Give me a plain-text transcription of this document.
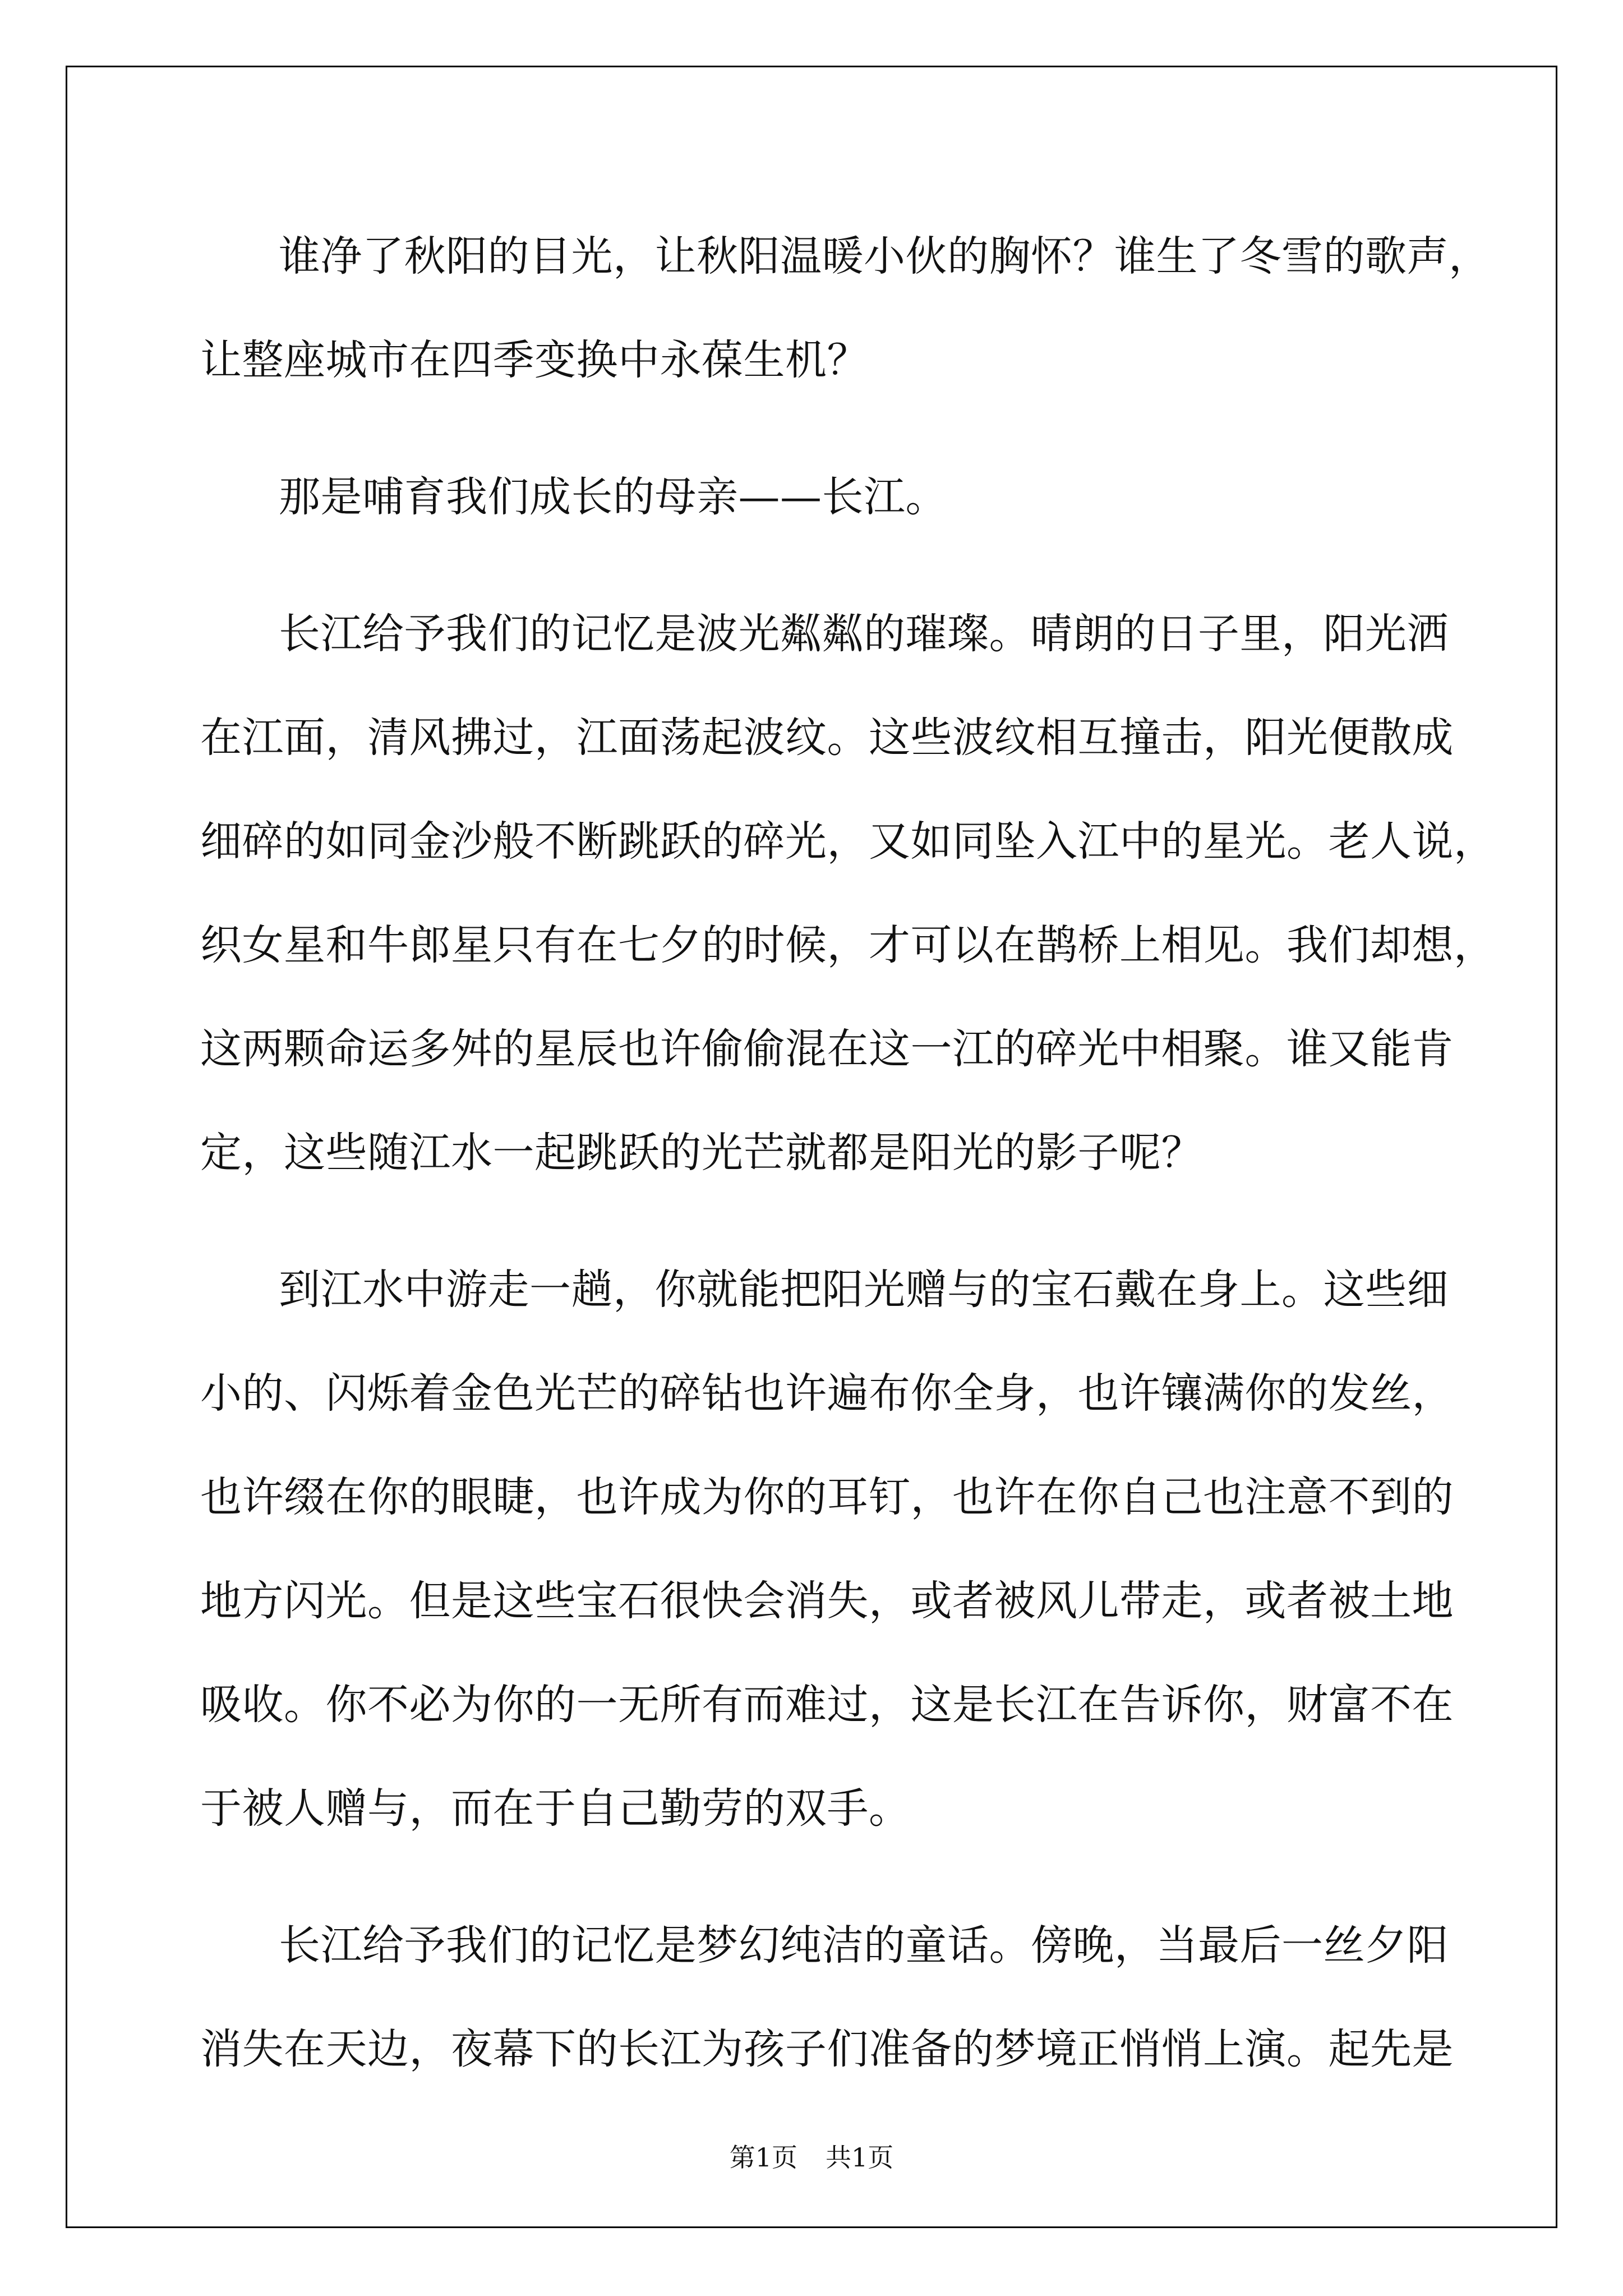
谁净了秋阳的目光，让秋阳温暖小伙的胸怀？谁生了冬雪的歌声，
让整座城市在四季变换中永葆生机？

那是哺育我们成长的母亲——长江。

长江给予我们的记忆是波光粼粼的璀璨。晴朗的日子里，阳光洒
在江面，清风拂过，江面荡起波纹。这些波纹相互撞击，阳光便散成
细碎的如同金沙般不断跳跃的碎光，又如同坠入江中的星光。老人说，
织女星和牛郎星只有在七夕的时候，才可以在鹊桥上相见。我们却想，
这两颗命运多舛的星辰也许偷偷混在这一江的碎光中相聚。谁又能肯
定，这些随江水一起跳跃的光芒就都是阳光的影子呢？

到江水中游走一趟，你就能把阳光赠与的宝石戴在身上。这些细
小的、闪烁着金色光芒的碎钻也许遍布你全身，也许镶满你的发丝，
也许缀在你的眼睫，也许成为你的耳钉，也许在你自己也注意不到的
地方闪光。但是这些宝石很快会消失，或者被风儿带走，或者被土地
吸收。你不必为你的一无所有而难过，这是长江在告诉你，财富不在
于被人赠与，而在于自己勤劳的双手。

长江给予我们的记忆是梦幻纯洁的童话。傍晚，当最后一丝夕阳
消失在天边，夜幕下的长江为孩子们准备的梦境正悄悄上演。起先是

第1页 共1页
